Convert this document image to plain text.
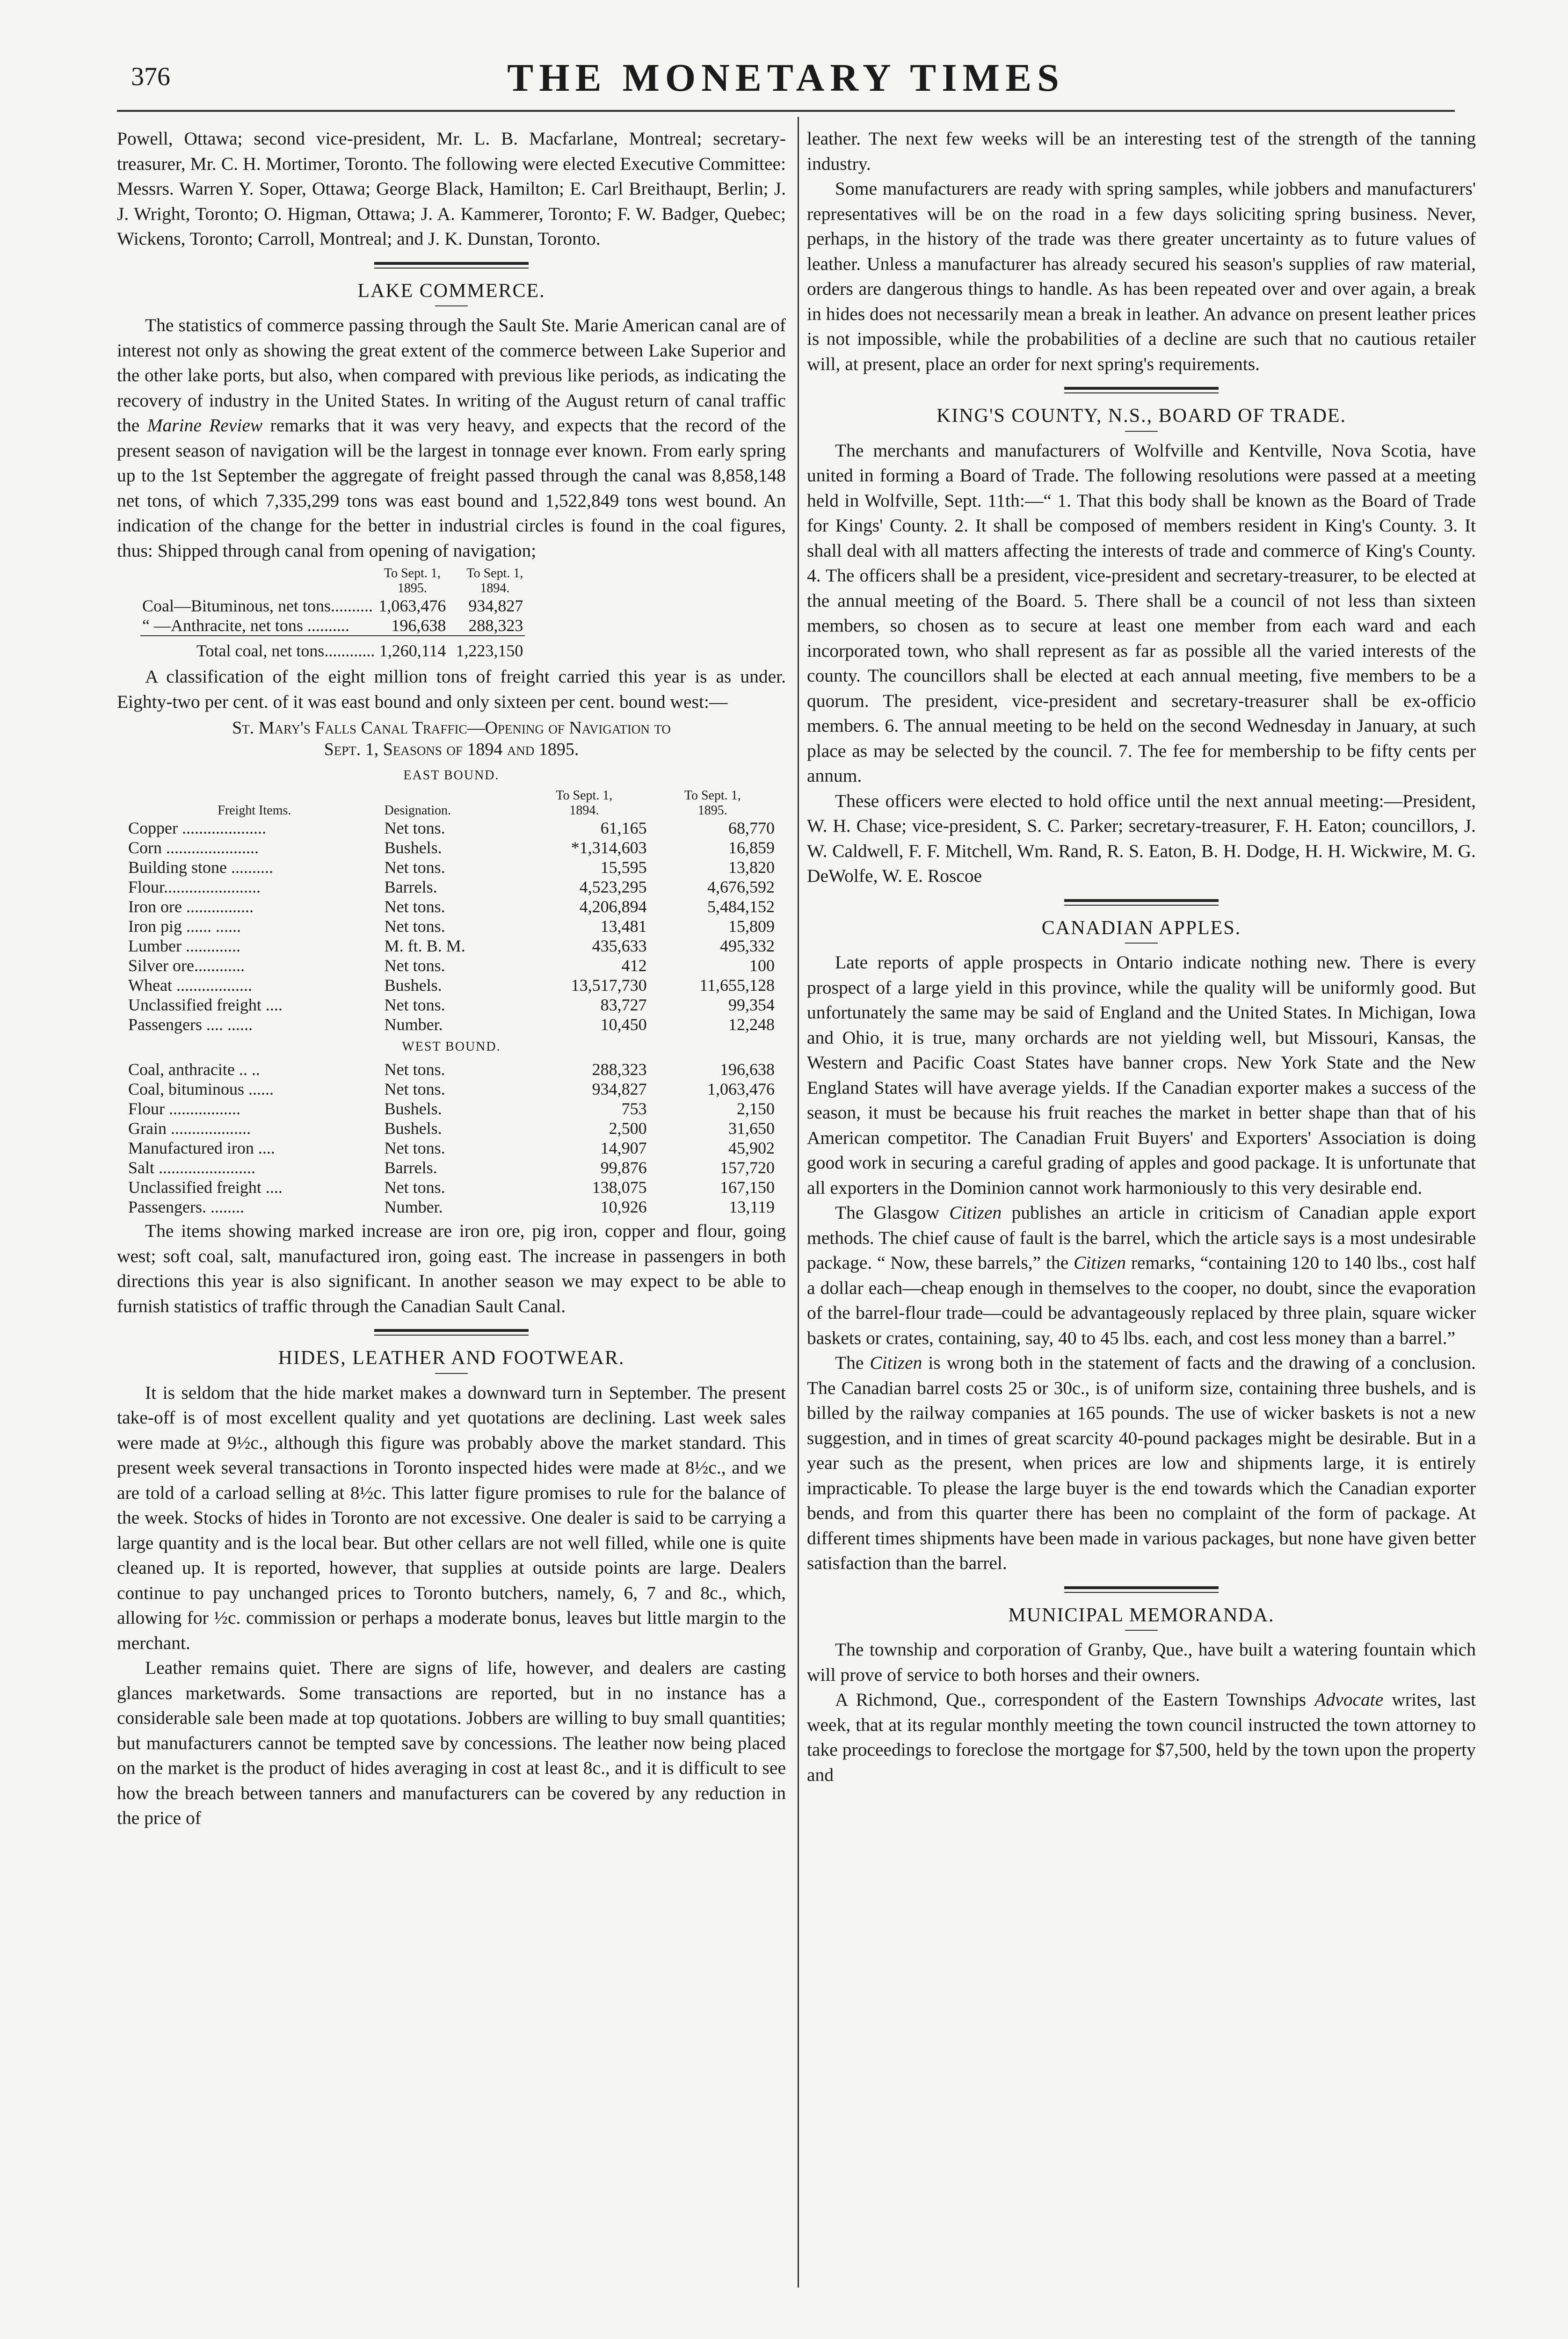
376	THE MONETARY TIMES

Powell, Ottawa; second vice-president, Mr. L. B. Macfarlane, Montreal; secretary-treasurer, Mr. C. H. Mortimer, Toronto. The following were elected Executive Committee: Messrs. Warren Y. Soper, Ottawa; George Black, Hamilton; E. Carl Breithaupt, Berlin; J. J. Wright, Toronto; O. Higman, Ottawa; J. A. Kammerer, Toronto; F. W. Badger, Quebec; Wickens, Toronto; Carroll, Montreal; and J. K. Dunstan, Toronto.

LAKE COMMERCE.

The statistics of commerce passing through the Sault Ste. Marie American canal are of interest not only as showing the great extent of the commerce between Lake Superior and the other lake ports, but also, when compared with previous like periods, as indicating the recovery of industry in the United States. In writing of the August return of canal traffic the Marine Review remarks that it was very heavy, and expects that the record of the present season of navigation will be the largest in tonnage ever known. From early spring up to the 1st September the aggregate of freight passed through the canal was 8,858,148 net tons, of which 7,335,299 tons was east bound and 1,522,849 tons west bound. An indication of the change for the better in industrial circles is found in the coal figures, thus: Shipped through canal from opening of navigation;

	To Sept. 1,
1895.	To Sept. 1,
1894.
Coal—Bituminous, net tons..........	1,063,476	934,827
“ —Anthracite, net tons ..........	196,638	288,323
Total coal, net tons............	1,260,114	1,223,150

A classification of the eight million tons of freight carried this year is as under. Eighty-two per cent. of it was east bound and only sixteen per cent. bound west:—

St. Mary's Falls Canal Traffic—Opening of Navigation to
Sept. 1, Seasons of 1894 and 1895.
EAST BOUND.			
Freight Items.	Designation.	To Sept. 1,
1894.	To Sept. 1,
1895.
Copper ....................	Net tons.	61,165	68,770
Corn ......................	Bushels.	*1,314,603	16,859
Building stone ..........	Net tons.	15,595	13,820
Flour.......................	Barrels.	4,523,295	4,676,592
Iron ore ................	Net tons.	4,206,894	5,484,152
Iron pig ...... ......	Net tons.	13,481	15,809
Lumber .............	M. ft. B. M.	435,633	495,332
Silver ore............	Net tons.	412	100
Wheat ..................	Bushels.	13,517,730	11,655,128
Unclassified freight ....	Net tons.	83,727	99,354
Passengers .... ......	Number.	10,450	12,248
WEST BOUND.			
Coal, anthracite .. ..	Net tons.	288,323	196,638
Coal, bituminous ......	Net tons.	934,827	1,063,476
Flour .................	Bushels.	753	2,150
Grain ...................	Bushels.	2,500	31,650
Manufactured iron ....	Net tons.	14,907	45,902
Salt .......................	Barrels.	99,876	157,720
Unclassified freight ....	Net tons.	138,075	167,150
Passengers. ........	Number.	10,926	13,119

The items showing marked increase are iron ore, pig iron, copper and flour, going west; soft coal, salt, manufactured iron, going east. The increase in passengers in both directions this year is also significant. In another season we may expect to be able to furnish statistics of traffic through the Canadian Sault Canal.

HIDES, LEATHER AND FOOTWEAR.

It is seldom that the hide market makes a downward turn in September. The present take-off is of most excellent quality and yet quotations are declining. Last week sales were made at 9½c., although this figure was probably above the market standard. This present week several transactions in Toronto inspected hides were made at 8½c., and we are told of a carload selling at 8½c. This latter figure promises to rule for the balance of the week. Stocks of hides in Toronto are not excessive. One dealer is said to be carrying a large quantity and is the local bear. But other cellars are not well filled, while one is quite cleaned up. It is reported, however, that supplies at outside points are large. Dealers continue to pay unchanged prices to Toronto butchers, namely, 6, 7 and 8c., which, allowing for ½c. commission or perhaps a moderate bonus, leaves but little margin to the merchant.

Leather remains quiet. There are signs of life, however, and dealers are casting glances marketwards. Some transactions are reported, but in no instance has a considerable sale been made at top quotations. Jobbers are willing to buy small quantities; but manufacturers cannot be tempted save by concessions. The leather now being placed on the market is the product of hides averaging in cost at least 8c., and it is difficult to see how the breach between tanners and manufacturers can be covered by any reduction in the price of

leather. The next few weeks will be an interesting test of the strength of the tanning industry.

Some manufacturers are ready with spring samples, while jobbers and manufacturers' representatives will be on the road in a few days soliciting spring business. Never, perhaps, in the history of the trade was there greater uncertainty as to future values of leather. Unless a manufacturer has already secured his season's supplies of raw material, orders are dangerous things to handle. As has been repeated over and over again, a break in hides does not necessarily mean a break in leather. An advance on present leather prices is not impossible, while the probabilities of a decline are such that no cautious retailer will, at present, place an order for next spring's requirements.

KING'S COUNTY, N.S., BOARD OF TRADE.

The merchants and manufacturers of Wolfville and Kentville, Nova Scotia, have united in forming a Board of Trade. The following resolutions were passed at a meeting held in Wolfville, Sept. 11th:—“ 1. That this body shall be known as the Board of Trade for Kings' County. 2. It shall be composed of members resident in King's County. 3. It shall deal with all matters affecting the interests of trade and commerce of King's County. 4. The officers shall be a president, vice-president and secretary-treasurer, to be elected at the annual meeting of the Board. 5. There shall be a council of not less than sixteen members, so chosen as to secure at least one member from each ward and each incorporated town, who shall represent as far as possible all the varied interests of the county. The councillors shall be elected at each annual meeting, five members to be a quorum. The president, vice-president and secretary-treasurer shall be ex-officio members. 6. The annual meeting to be held on the second Wednesday in January, at such place as may be selected by the council. 7. The fee for membership to be fifty cents per annum.

These officers were elected to hold office until the next annual meeting:—President, W. H. Chase; vice-president, S. C. Parker; secretary-treasurer, F. H. Eaton; councillors, J. W. Caldwell, F. F. Mitchell, Wm. Rand, R. S. Eaton, B. H. Dodge, H. H. Wickwire, M. G. DeWolfe, W. E. Roscoe

CANADIAN APPLES.

Late reports of apple prospects in Ontario indicate nothing new. There is every prospect of a large yield in this province, while the quality will be uniformly good. But unfortunately the same may be said of England and the United States. In Michigan, Iowa and Ohio, it is true, many orchards are not yielding well, but Missouri, Kansas, the Western and Pacific Coast States have banner crops. New York State and the New England States will have average yields. If the Canadian exporter makes a success of the season, it must be because his fruit reaches the market in better shape than that of his American competitor. The Canadian Fruit Buyers' and Exporters' Association is doing good work in securing a careful grading of apples and good package. It is unfortunate that all exporters in the Dominion cannot work harmoniously to this very desirable end.

The Glasgow Citizen publishes an article in criticism of Canadian apple export methods. The chief cause of fault is the barrel, which the article says is a most undesirable package. “ Now, these barrels,” the Citizen remarks, “containing 120 to 140 lbs., cost half a dollar each—cheap enough in themselves to the cooper, no doubt, since the evaporation of the barrel-flour trade—could be advantageously replaced by three plain, square wicker baskets or crates, containing, say, 40 to 45 lbs. each, and cost less money than a barrel.”

The Citizen is wrong both in the statement of facts and the drawing of a conclusion. The Canadian barrel costs 25 or 30c., is of uniform size, containing three bushels, and is billed by the railway companies at 165 pounds. The use of wicker baskets is not a new suggestion, and in times of great scarcity 40-pound packages might be desirable. But in a year such as the present, when prices are low and shipments large, it is entirely impracticable. To please the large buyer is the end towards which the Canadian exporter bends, and from this quarter there has been no complaint of the form of package. At different times shipments have been made in various packages, but none have given better satisfaction than the barrel.

MUNICIPAL MEMORANDA.

The township and corporation of Granby, Que., have built a watering fountain which will prove of service to both horses and their owners.

A Richmond, Que., correspondent of the Eastern Townships Advocate writes, last week, that at its regular monthly meeting the town council instructed the town attorney to take proceedings to foreclose the mortgage for $7,500, held by the town upon the property and
